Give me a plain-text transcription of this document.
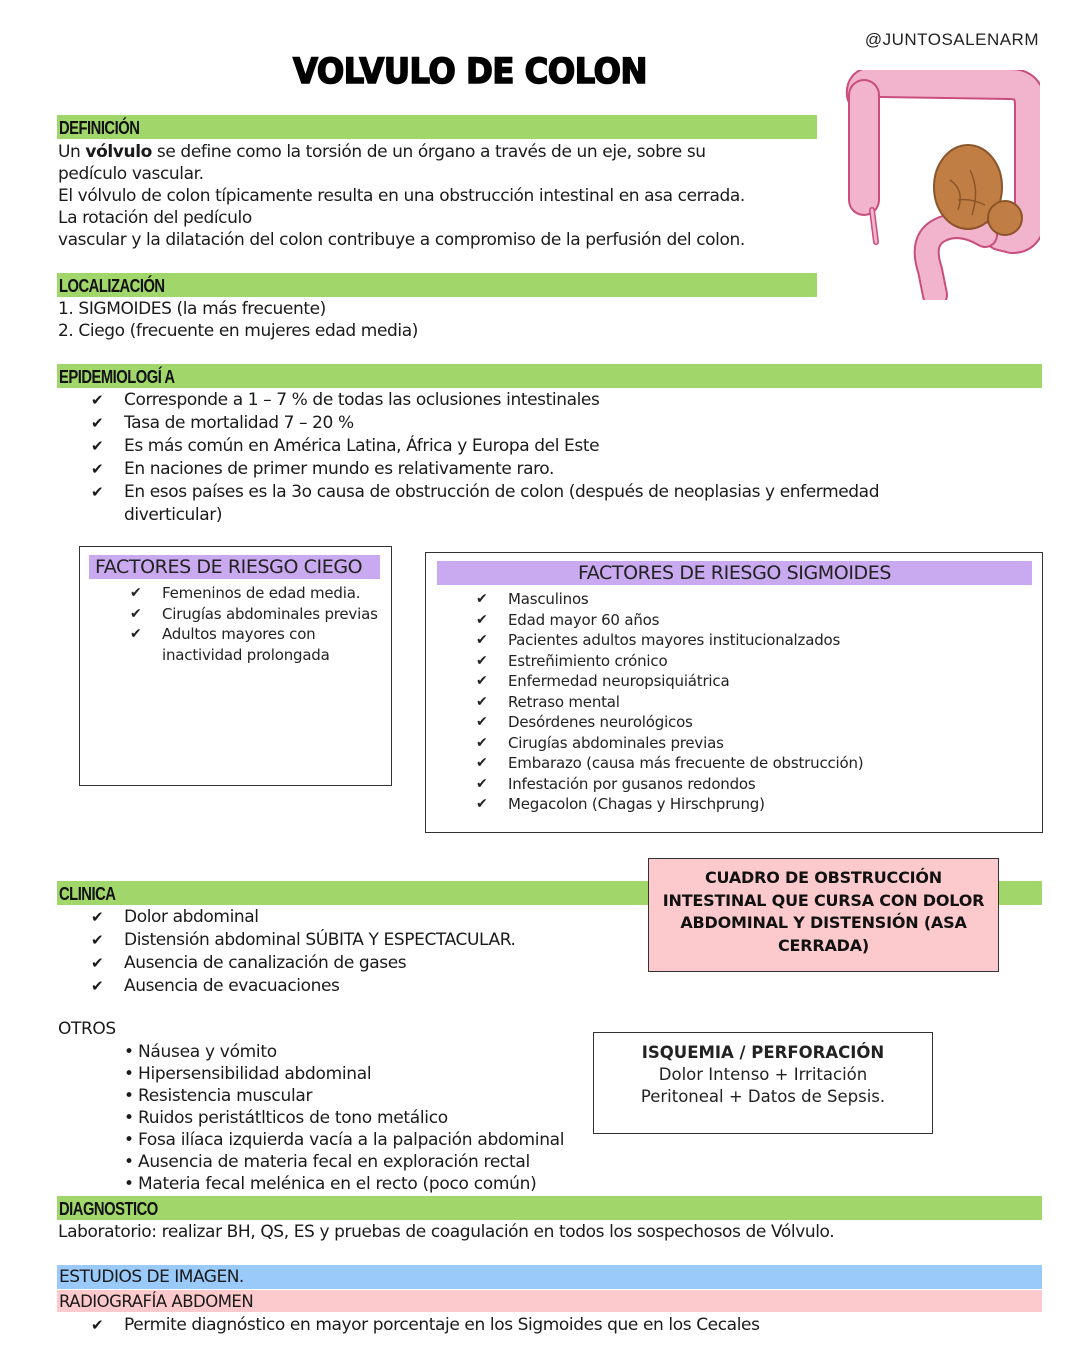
@JUNTOSALENARM
VOLVULO DE COLON
DEFINICIÓN
Un vólvulo se define como la torsión de un órgano a través de un eje, sobre su
pedículo vascular.
El vólvulo de colon típicamente resulta en una obstrucción intestinal en asa cerrada.
La rotación del pedículo
vascular y la dilatación del colon contribuye a compromiso de la perfusión del colon.
LOCALIZACIÓN
1. SIGMOIDES (la más frecuente)
2. Ciego (frecuente en mujeres edad media)
EPIDEMIOLOGÍ A
✔ Corresponde a 1 – 7 % de todas las oclusiones intestinales
✔ Tasa de mortalidad 7 – 20 %
✔ Es más común en América Latina, África y Europa del Este
✔ En naciones de primer mundo es relativamente raro.
✔ En esos países es la 3o causa de obstrucción de colon (después de neoplasias y enfermedad diverticular)
FACTORES DE RIESGO CIEGO
✔ Femeninos de edad media.
✔ Cirugías abdominales previas
✔ Adultos mayores con inactividad prolongada
FACTORES DE RIESGO SIGMOIDES
✔ Masculinos
✔ Edad mayor 60 años
✔ Pacientes adultos mayores institucionalzados
✔ Estreñimiento crónico
✔ Enfermedad neuropsiquiátrica
✔ Retraso mental
✔ Desórdenes neurológicos
✔ Cirugías abdominales previas
✔ Embarazo (causa más frecuente de obstrucción)
✔ Infestación por gusanos redondos
✔ Megacolon (Chagas y Hirschprung)
CLINICA
✔ Dolor abdominal
✔ Distensión abdominal SÚBITA Y ESPECTACULAR.
✔ Ausencia de canalización de gases
✔ Ausencia de evacuaciones
CUADRO DE OBSTRUCCIÓN INTESTINAL QUE CURSA CON DOLOR ABDOMINAL Y DISTENSIÓN (ASA CERRADA)
OTROS
• Náusea y vómito
• Hipersensibilidad abdominal
• Resistencia muscular
• Ruidos peristátlticos de tono metálico
• Fosa ilíaca izquierda vacía a la palpación abdominal
• Ausencia de materia fecal en exploración rectal
• Materia fecal melénica en el recto (poco común)
ISQUEMIA / PERFORACIÓN
Dolor Intenso + Irritación
Peritoneal + Datos de Sepsis.
DIAGNOSTICO
Laboratorio: realizar BH, QS, ES y pruebas de coagulación en todos los sospechosos de Vólvulo.
ESTUDIOS DE IMAGEN.
RADIOGRAFÍA ABDOMEN
✔ Permite diagnóstico en mayor porcentaje en los Sigmoides que en los Cecales
